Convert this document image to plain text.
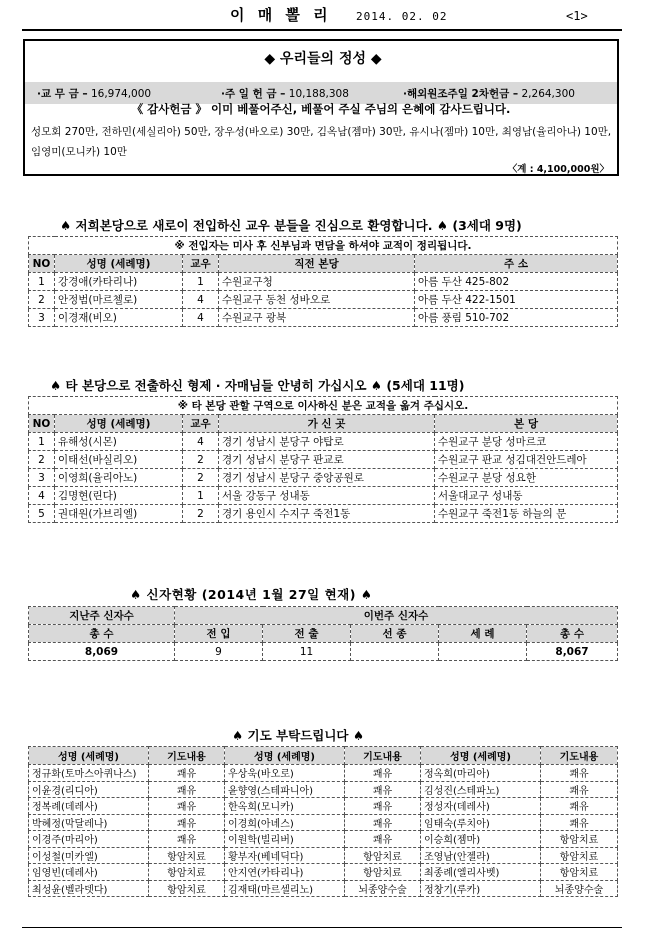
이 매 뽈 리 2014. 02. 02	<1>
◆ 우리들의 정성 ◆
·교 무 금 – 16,974,000	·주 일 헌 금 – 10,188,308	·해외원조주일 2차헌금 – 2,264,300
《 감사헌금 》 이미 베풀어주신, 베풀어 주실 주님의 은혜에 감사드립니다.
성모회 270만, 전하민(세실리아) 50만, 장우성(바오로) 30만, 김옥남(젬마) 30만, 유시나(젬마) 10만, 최영남(율리아나) 10만, 임영미(모니카) 10만
〈계 : 4,100,000원〉
♠ 저희본당으로 새로이 전입하신 교우 분들을 진심으로 환영합니다. ♠ (3세대 9명)
※ 전입자는 미사 후 신부님과 면담을 하셔야 교적이 정리됩니다.				
NO	성명 (세례명)	교우	직전 본당	주 소
1	강경애(카타리나)	1	수원교구청	아름 두산 425-802
2	안정범(마르첼로)	4	수원교구 동천 성바오로	아름 두산 422-1501
3	이경재(비오)	4	수원교구 광북	아름 풍림 510-702
♠ 타 본당으로 전출하신 형제 · 자매님들 안녕히 가십시오 ♠ (5세대 11명)
※ 타 본당 관할 구역으로 이사하신 분은 교적을 옮겨 주십시오.				
NO	성명 (세례명)	교우	가 신 곳	본 당
1	유해성(시몬)	4	경기 성남시 분당구 야탑로	수원교구 분당 성마르코
2	이태선(바실리오)	2	경기 성남시 분당구 판교로	수원교구 판교 성김대건안드레아
3	이영희(율리아노)	2	경기 성남시 분당구 중앙공원로	수원교구 분당 성요한
4	김명현(린다)	1	서울 강동구 성내동	서울대교구 성내동
5	권대원(가브리엘)	2	경기 용인시 수지구 죽전1동	수원교구 죽전1동 하늘의 문
♠ 신자현황 (2014년 1월 27일 현재) ♠
지난주 신자수	이번주 신자수				
총 수	전 입	전 출	선 종	세 례	총 수
8,069	9	11			8,067
♠ 기도 부탁드립니다 ♠
성명 (세례명)	기도내용	성명 (세례명)	기도내용	성명 (세례명)	기도내용
정규화(토마스아퀴나스)	쾌유	우상욱(바오로)	쾌유	정옥희(마리아)	쾌유
이윤경(리디아)	쾌유	윤향영(스테파니아)	쾌유	김성진(스테파노)	쾌유
정복례(데레사)	쾌유	한옥희(모니카)	쾌유	정성자(데레사)	쾌유
박혜정(막달레나)	쾌유	이경희(아녜스)	쾌유	임태숙(루치아)	쾌유
이경주(마리아)	쾌유	이원학(빌리버)	쾌유	이승희(젬마)	항암치료
이성철(미카엘)	항암치료	황부자(베네딕다)	항암치료	조영남(안젤라)	항암치료
임영빈(데레사)	항암치료	안지연(카타리나)	항암치료	최종례(엘리사벳)	항암치료
최성윤(벨라뎃다)	항암치료	김재태(마르셀리노)	뇌종양수술	정창기(루카)	뇌종양수술
